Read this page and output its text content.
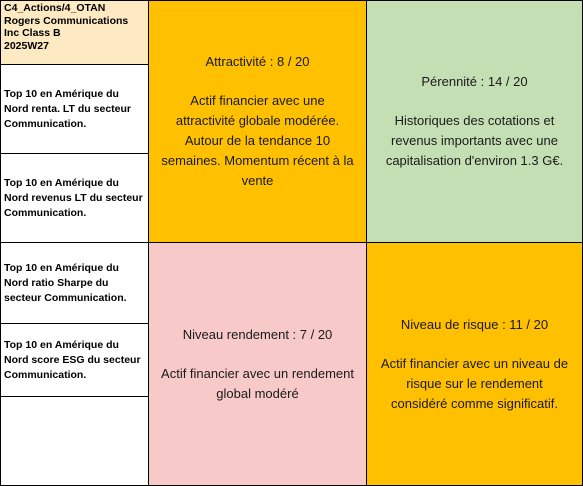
C4_Actions/4_OTAN
Rogers Communications
Inc Class B
2025W27
Top 10 en Amérique du Nord renta. LT du secteur Communication.
Top 10 en Amérique du Nord revenus LT du secteur Communication.
Top 10 en Amérique du Nord ratio Sharpe du secteur Communication.
Top 10 en Amérique du Nord score ESG du secteur Communication.
Attractivité : 8 / 20
Actif financier avec une attractivité globale modérée. Autour de la tendance 10 semaines. Momentum récent à la vente
Pérennité : 14 / 20
Historiques des cotations et revenus importants avec une capitalisation d'environ 1.3 G€.
Niveau rendement : 7 / 20
Actif financier avec un rendement global modéré
Niveau de risque : 11 / 20
Actif financier avec un niveau de risque sur le rendement considéré comme significatif.
